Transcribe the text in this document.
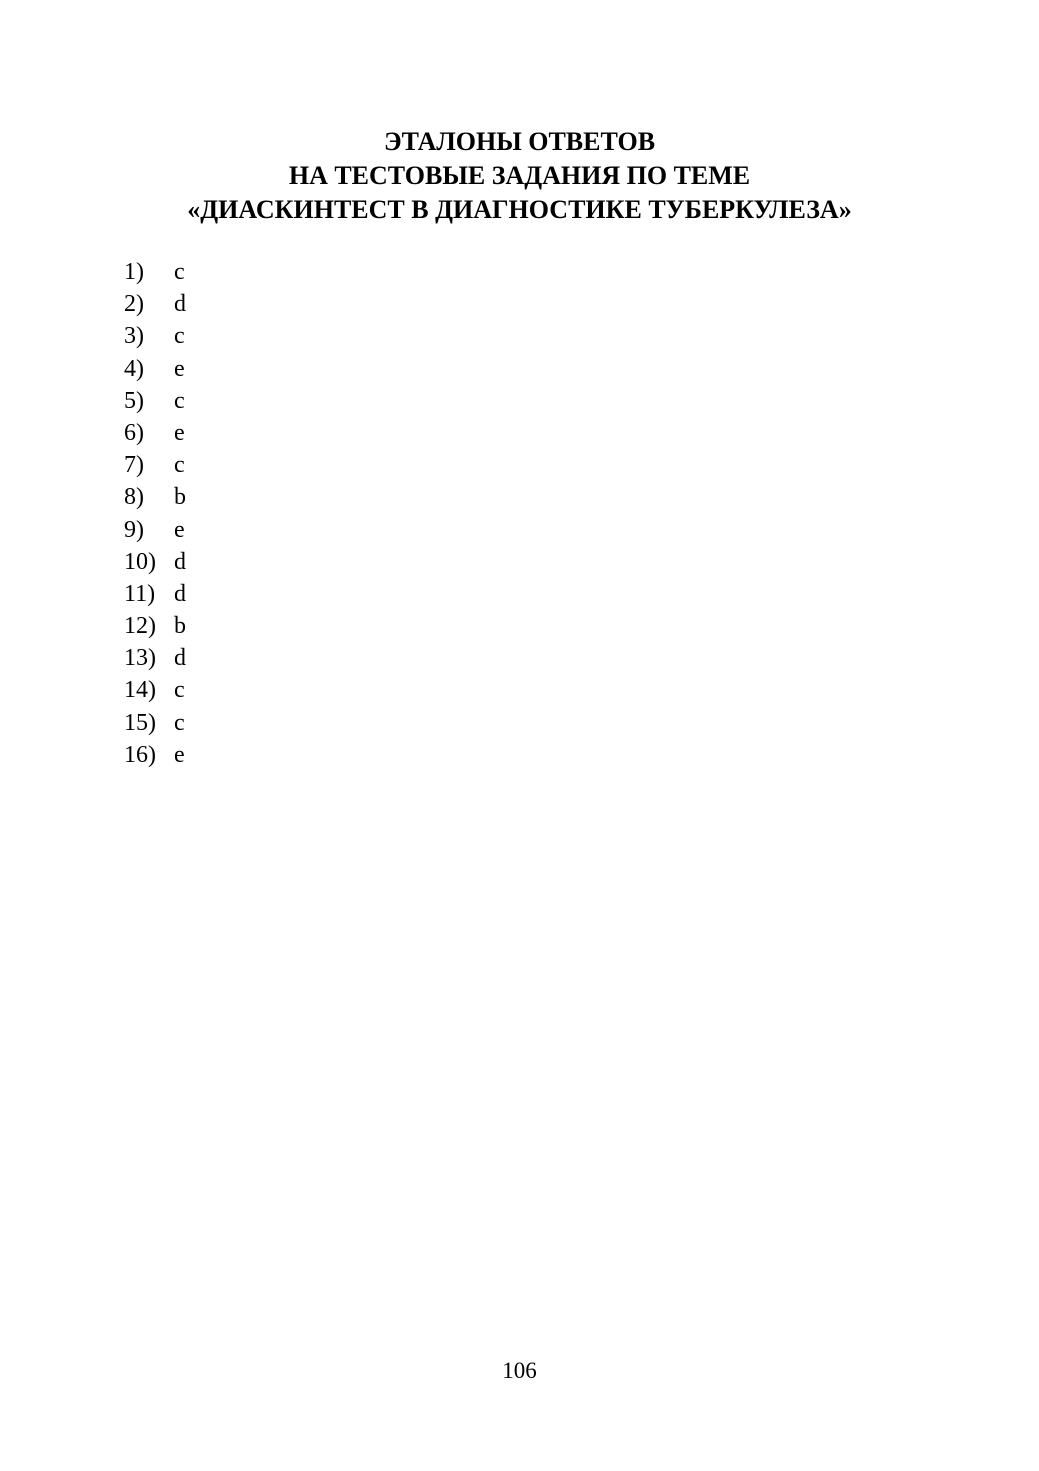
ЭТАЛОНЫ ОТВЕТОВ
НА ТЕСТОВЫЕ ЗАДАНИЯ ПО ТЕМЕ
«ДИАСКИНТЕСТ В ДИАГНОСТИКЕ ТУБЕРКУЛЕЗА»
1)	c
2)	d
3)	c
4)	e
5)	c
6)	e
7)	c
8)	b
9)	e
10) d
11) d
12) b
13) d
14) c
15) c
16) e
106
